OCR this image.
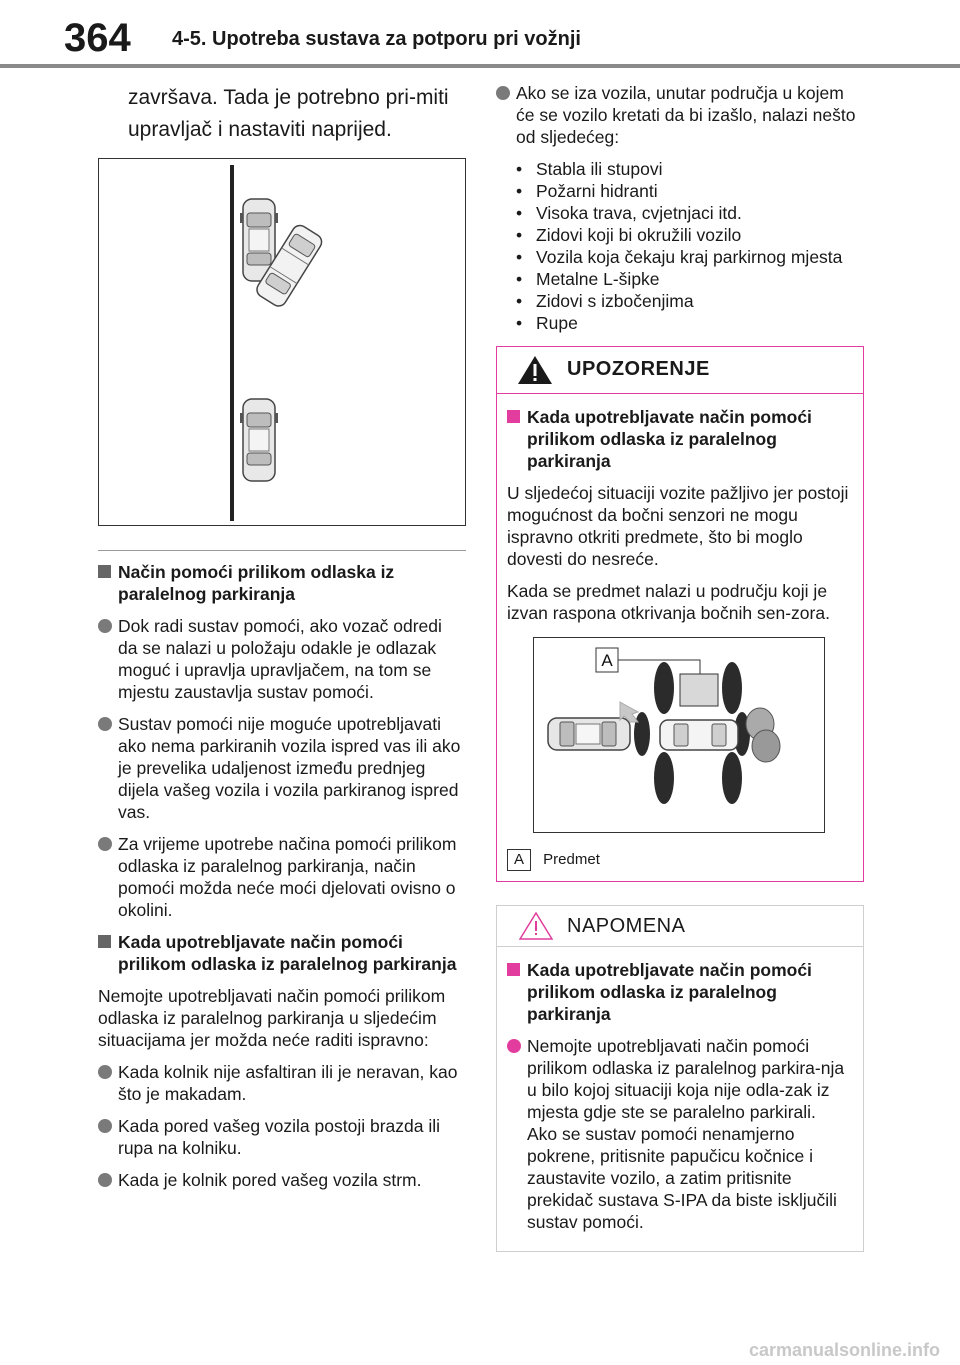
364 4-5. Upotreba sustava za potporu pri vožnji

završava. Tada je potrebno pri-miti upravljač i nastaviti naprijed.

Način pomoći prilikom odlaska iz paralelnog parkiranja
Dok radi sustav pomoći, ako vozač odredi da se nalazi u položaju odakle je odlazak moguć i upravlja upravljačem, na tom se mjestu zaustavlja sustav pomoći.
Sustav pomoći nije moguće upotrebljavati ako nema parkiranih vozila ispred vas ili ako je prevelika udaljenost između prednjeg dijela vašeg vozila i vozila parkiranog ispred vas.
Za vrijeme upotrebe načina pomoći prilikom odlaska iz paralelnog parkiranja, način pomoći možda neće moći djelovati ovisno o okolini.
Kada upotrebljavate način pomoći prilikom odlaska iz paralelnog parkiranja

Nemojte upotrebljavati način pomoći prilikom odlaska iz paralelnog parkiranja u sljedećim situacijama jer možda neće raditi ispravno:

Kada kolnik nije asfaltiran ili je neravan, kao što je makadam.
Kada pored vašeg vozila postoji brazda ili rupa na kolniku.
Kada je kolnik pored vašeg vozila strm.
Ako se iza vozila, unutar područja u kojem će se vozilo kretati da bi izašlo, nalazi nešto od sljedećeg:
• Stabla ili stupovi
• Požarni hidranti
• Visoka trava, cvjetnjaci itd.
• Zidovi koji bi okružili vozilo
• Vozila koja čekaju kraj parkirnog mjesta
• Metalne L-šipke
• Zidovi s izbočenjima
• Rupe
UPOZORENJE
Kada upotrebljavate način pomoći prilikom odlaska iz paralelnog parkiranja

U sljedećoj situaciji vozite pažljivo jer postoji mogućnost da bočni senzori ne mogu ispravno otkriti predmete, što bi moglo dovesti do nesreće.

Kada se predmet nalazi u području koji je izvan raspona otkrivanja bočnih sen-zora.

A
A Predmet
NAPOMENA
Kada upotrebljavate način pomoći prilikom odlaska iz paralelnog parkiranja
Nemojte upotrebljavati način pomoći prilikom odlaska iz paralelnog parkira-nja u bilo kojoj situaciji koja nije odla-zak iz mjesta gdje ste se paralelno parkirali.
Ako se sustav pomoći nenamjerno pokrene, pritisnite papučicu kočnice i zaustavite vozilo, a zatim pritisnite prekidač sustava S-IPA da biste isključili sustav pomoći.
carmanualsonline.info
